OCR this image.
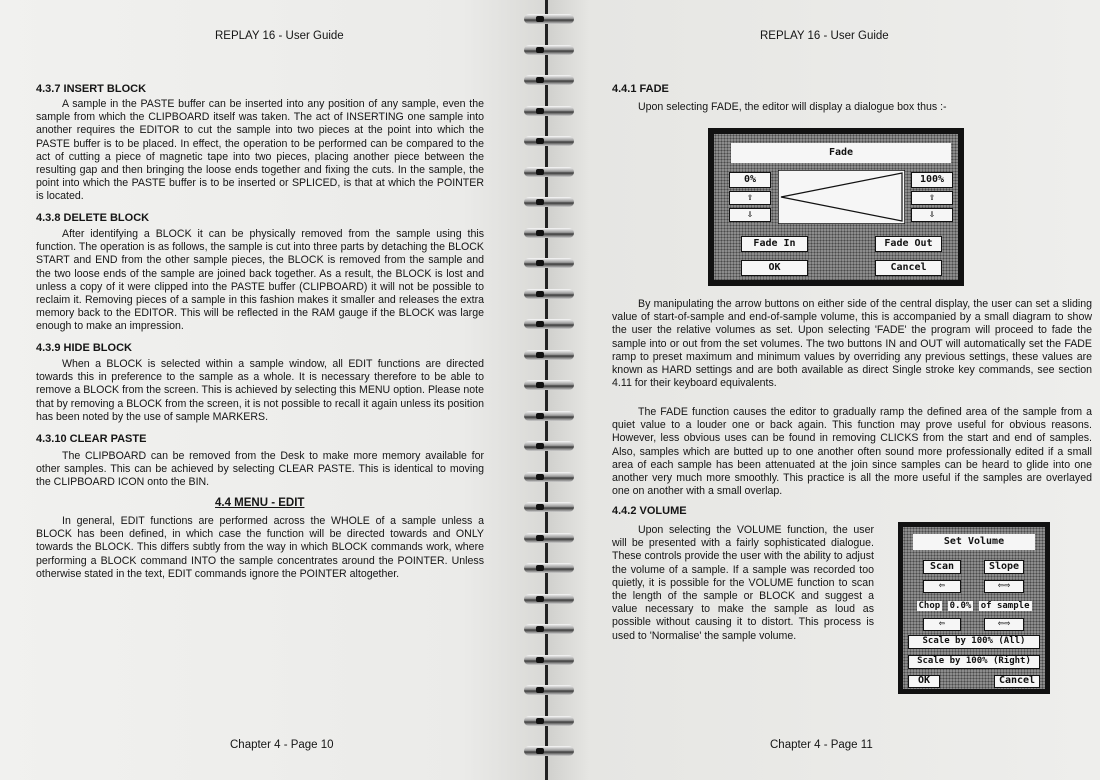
REPLAY 16 - User Guide
4.3.7 INSERT BLOCK

A sample in the PASTE buffer can be inserted into any position of any sample, even the sample from which the CLIPBOARD itself was taken. The act of INSERTING one sample into another requires the EDITOR to cut the sample into two pieces at the point into which the PASTE buffer is to be placed. In effect, the operation to be performed can be compared to the act of cutting a piece of magnetic tape into two pieces, placing another piece between the resulting gap and then bringing the loose ends together and fixing the cuts. In the sample, the point into which the PASTE buffer is to be inserted or SPLICED, is that at which the POINTER is located.

4.3.8 DELETE BLOCK

After identifying a BLOCK it can be physically removed from the sample using this function. The operation is as follows, the sample is cut into three parts by detaching the BLOCK START and END from the other sample pieces, the BLOCK is removed from the sample and the two loose ends of the sample are joined back together. As a result, the BLOCK is lost and unless a copy of it were clipped into the PASTE buffer (CLIPBOARD) it will not be possible to reclaim it. Removing pieces of a sample in this fashion makes it smaller and releases the extra memory back to the EDITOR. This will be reflected in the RAM gauge if the BLOCK was large enough to make an impression.

4.3.9 HIDE BLOCK

When a BLOCK is selected within a sample window, all EDIT functions are directed towards this in preference to the sample as a whole. It is necessary therefore to be able to remove a BLOCK from the screen. This is achieved by selecting this MENU option. Please note that by removing a BLOCK from the screen, it is not possible to recall it again unless its position has been noted by the use of sample MARKERS.

4.3.10 CLEAR PASTE

The CLIPBOARD can be removed from the Desk to make more memory available for other samples. This can be achieved by selecting CLEAR PASTE. This is identical to moving the CLIPBOARD ICON onto the BIN.

4.4 MENU - EDIT

In general, EDIT functions are performed across the WHOLE of a sample unless a BLOCK has been defined, in which case the function will be directed towards and ONLY towards the BLOCK. This differs subtly from the way in which BLOCK commands work, where performing a BLOCK command INTO the sample concentrates around the POINTER. Unless otherwise stated in the text, EDIT commands ignore the POINTER altogether.

Chapter 4 - Page 10
REPLAY 16 - User Guide
4.4.1 FADE

Upon selecting FADE, the editor will display a dialogue box thus :-

Fade
0%	100%
⇧
⇩
⇧
⇩
Fade In	Fade Out
OK	Cancel

By manipulating the arrow buttons on either side of the central display, the user can set a sliding value of start-of-sample and end-of-sample volume, this is accompanied by a small diagram to show the user the relative volumes as set. Upon selecting 'FADE' the program will proceed to fade the sample into or out from the set volumes. The two buttons IN and OUT will automatically set the FADE ramp to preset maximum and minimum values by overriding any previous settings, these values are known as HARD settings and are both available as direct Single stroke key commands, see section 4.11 for their keyboard equivalents.

The FADE function causes the editor to gradually ramp the defined area of the sample from a quiet value to a louder one or back again. This function may prove useful for obvious reasons. However, less obvious uses can be found in removing CLICKS from the start and end of samples. Also, samples which are butted up to one another often sound more professionally edited if a small area of each sample has been attenuated at the join since samples can be heard to glide into one another very much more smoothly. This practice is all the more useful if the samples are overlayed one on another with a small overlap.

4.4.2 VOLUME

Upon selecting the VOLUME function, the user will be presented with a fairly sophisticated dialogue. These controls provide the user with the ability to adjust the volume of a sample. If a sample was recorded too quietly, it is possible for the VOLUME function to scan the length of the sample or BLOCK and suggest a value necessary to make the sample as loud as possible without causing it to distort. This process is used to 'Normalise' the sample volume.

Set Volume
Scan	Slope
⇦	⇦⇨
Chop 0.0% of sample
⇦	⇦⇨
Scale by 100% (All)
Scale by 100% (Right)
OK	Cancel
Chapter 4 - Page 11
